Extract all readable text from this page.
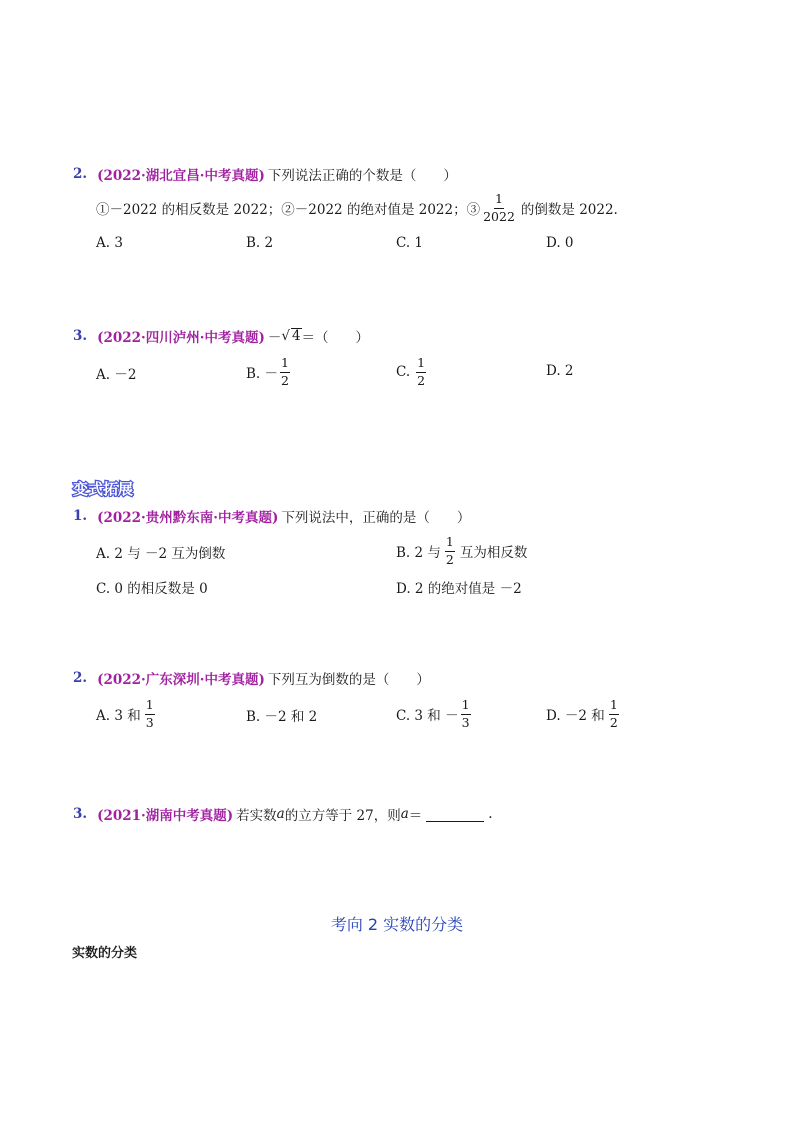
2. (2022·湖北宜昌·中考真题) 下列说法正确的个数是（　　）
①－2022 的相反数是 2022；②－2022 的绝对值是 2022；③ $\frac{1}{2022}$ 的倒数是 2022.
A. 3	B. 2	C. 1	D. 0
3. (2022·四川泸州·中考真题) － √ 4 ＝（　　）
A. －2	B. － $\frac{1}{2}$	C. $\frac{1}{2}$	D. 2
变式拓展
1. (2022·贵州黔东南·中考真题) 下列说法中，正确的是（　　）
A. 2 与 －2 互为倒数	B. 2 与 $\frac{1}{2}$ 互为相反数
C. 0 的相反数是 0	D. 2 的绝对值是 －2
2. (2022·广东深圳·中考真题) 下列互为倒数的是（　　）
A. 3 和 $\frac{1}{3}$	B. －2 和 2	C. 3 和 － $\frac{1}{3}$	D. －2 和 $\frac{1}{2}$
3. (2021·湖南中考真题) 若实数 a 的立方等于 27，则 a ＝	.
考向 2 实数的分类
实数的分类
